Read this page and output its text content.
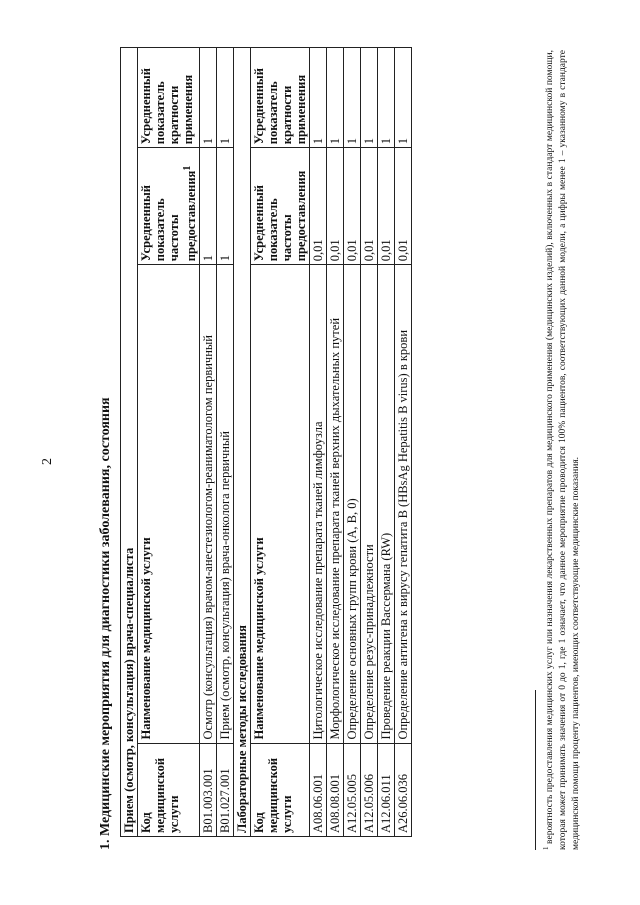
2	1. Медицинские мероприятия для диагностики заболевания, состояния Прием (осмотр, консультация) врача-специалиста			
Код медицинской услуги	Наименование медицинской услуги	Усредненный показатель частоты предоставления$^1$	Усредненный показатель кратности применения
B01.003.001	Осмотр (консультация) врачом-анестезиологом-реаниматологом первичный	1	1
B01.027.001	Прием (осмотр, консультация) врача-онколога первичный	1	1
Лабораторные методы исследования			
Код медицинской услуги	Наименование медицинской услуги	Усредненный показатель частоты предоставления	Усредненный показатель кратности применения
A08.06.001	Цитологическое исследование препарата тканей лимфоузла	0,01	1
A08.08.001	Морфологическое исследование препарата тканей верхних дыхательных путей	0,01	1
A12.05.005	Определение основных групп крови (A, B, 0)	0,01	1
A12.05.006	Определение резус-принадлежности	0,01	1
A12.06.011	Проведение реакции Вассермана (RW)	0,01	1
A26.06.036	Определение антигена к вирусу гепатита B (HBsAg Hepatitis B virus) в крови	0,01	1
$^1$ вероятность предоставления медицинских услуг или назначения лекарственных препаратов для медицинского применения (медицинских изделий), включенных в стандарт медицинской помощи, которая может принимать значения от 0 до 1, где 1 означает, что данное мероприятие проводится 100% пациентов, соответствующих данной модели, а цифры менее 1 – указанному в стандарте медицинской помощи проценту пациентов, имеющих соответствующие медицинские показания.
